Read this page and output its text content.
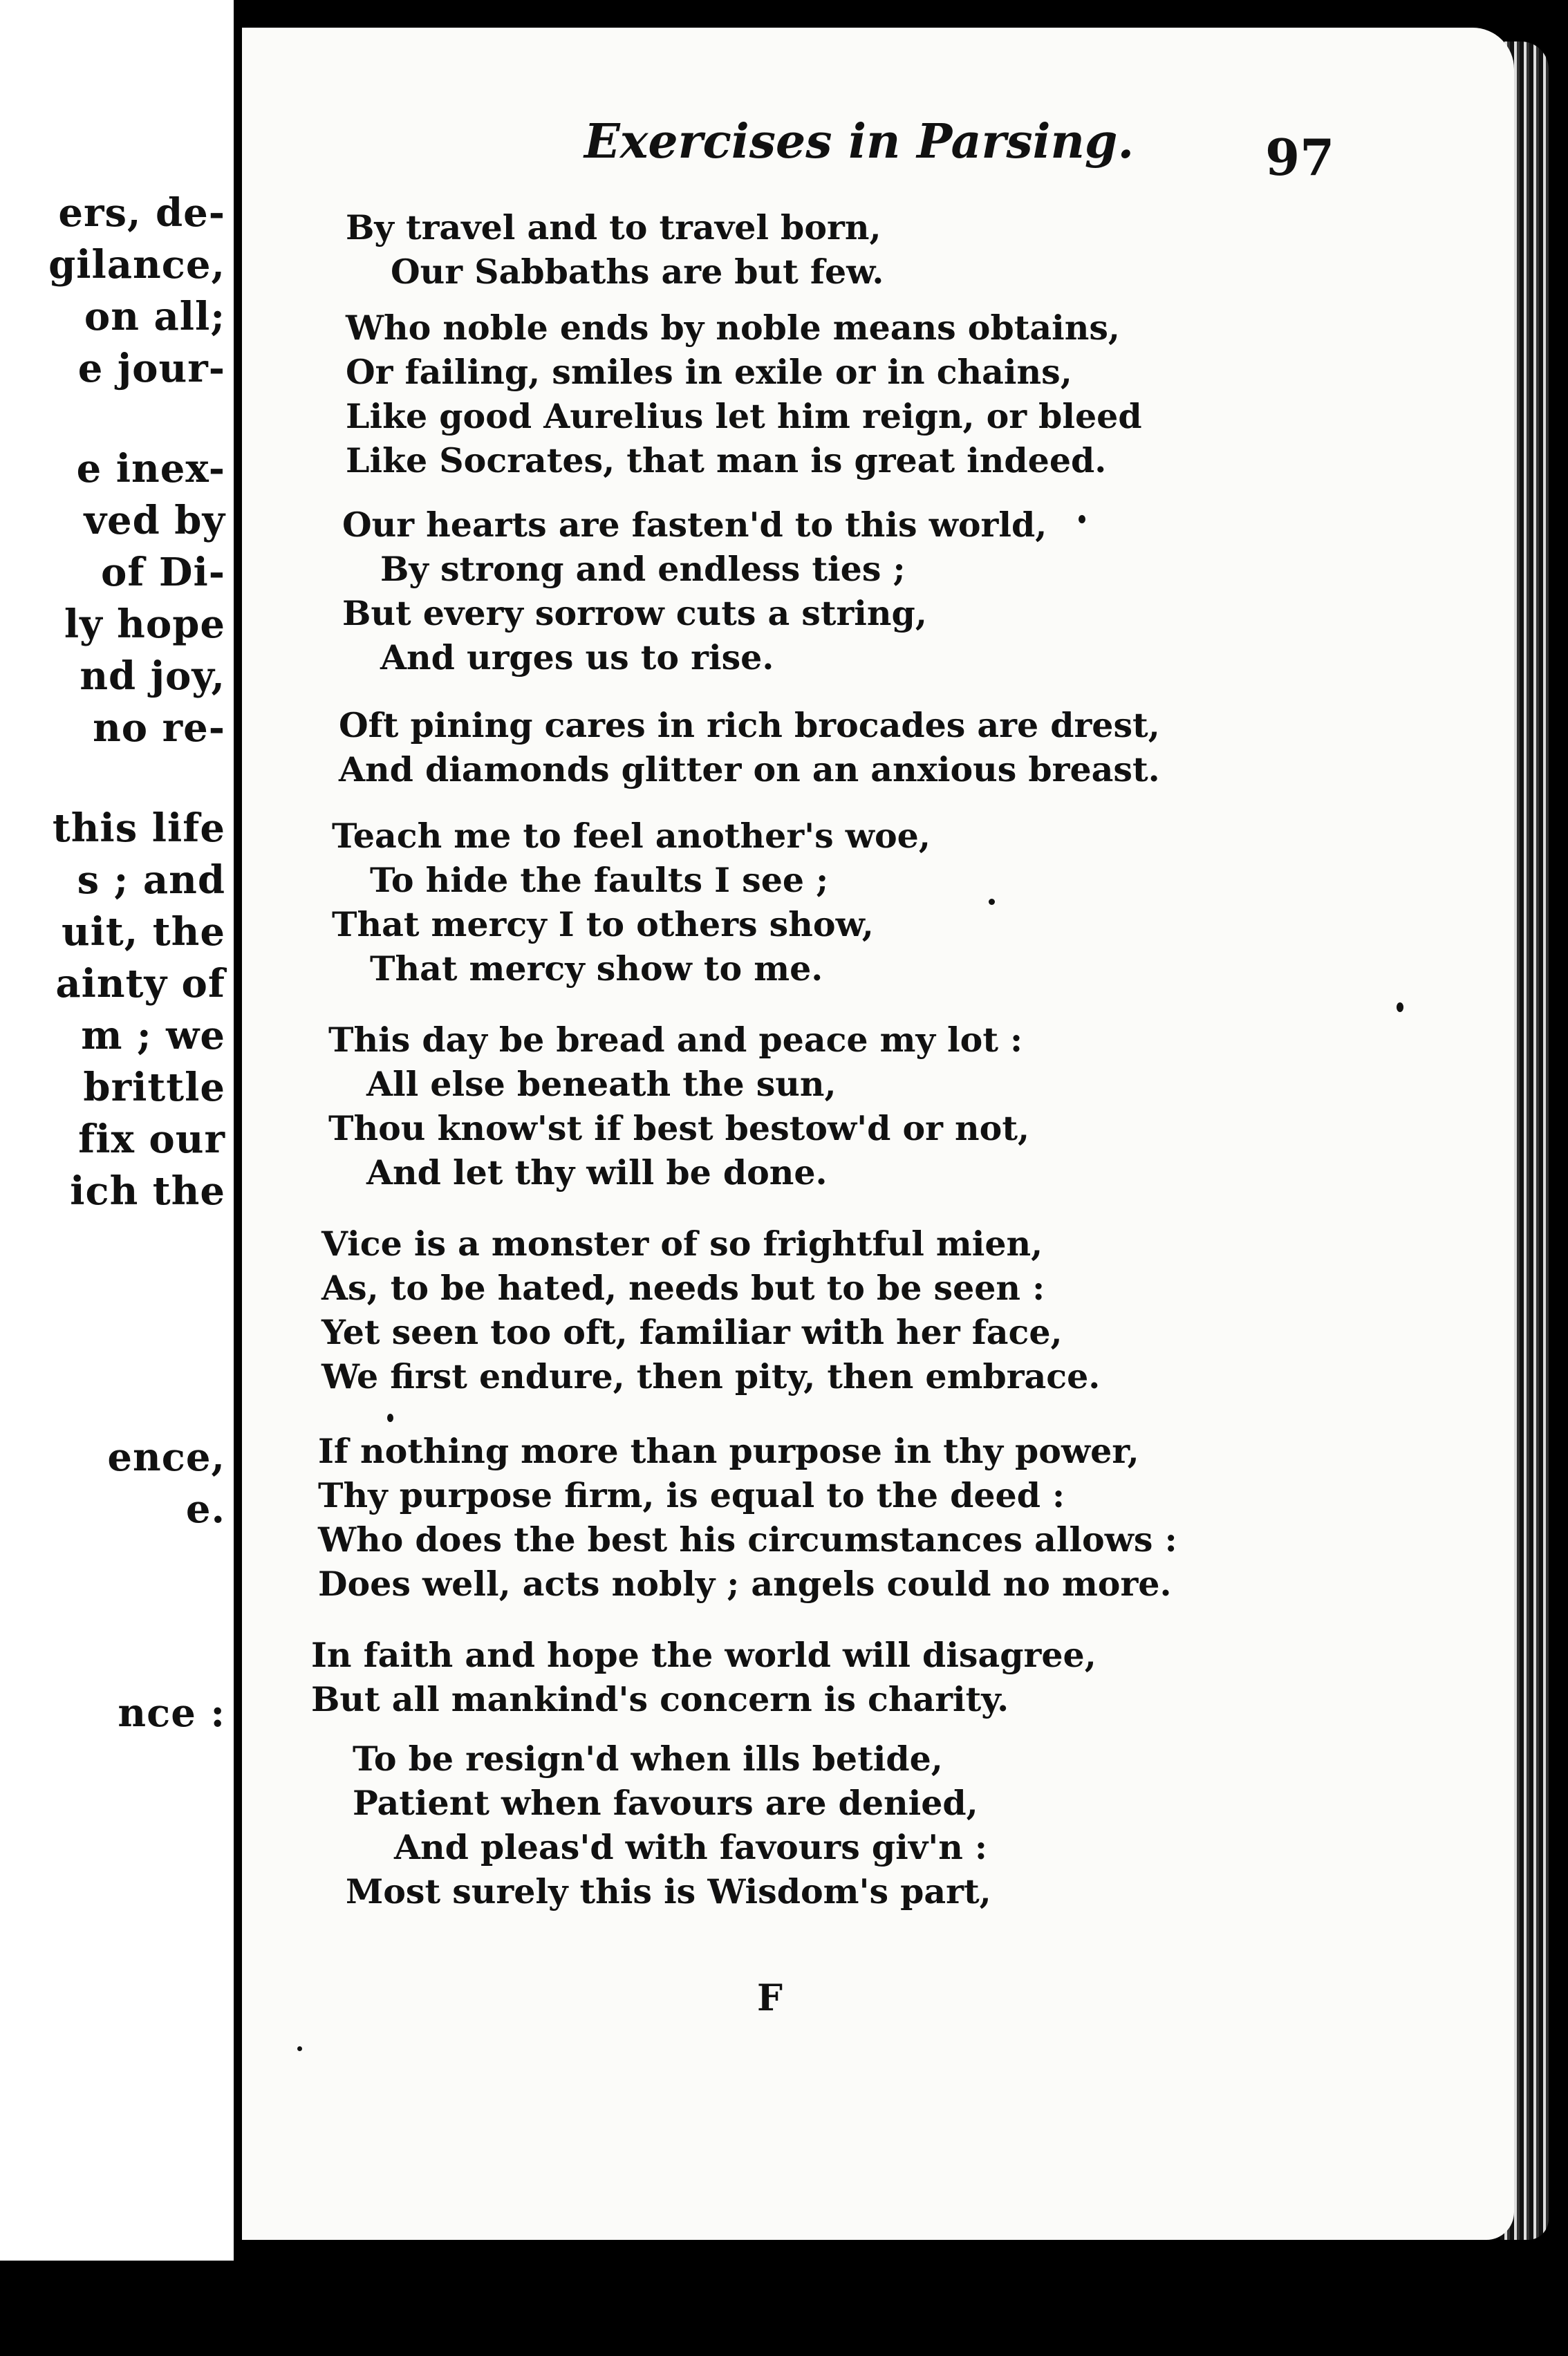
ers, de-
gilance,
on all;
e jour-
e inex-
ved by
of Di-
ly hope
nd joy,
no re-
this life
s ; and
uit, the
ainty of
m ; we
brittle
fix our
ich the
ence,
e.
nce :
Exercises in Parsing.	97
By travel and to travel born,
Our Sabbaths are but few.
Who noble ends by noble means obtains,
Or failing, smiles in exile or in chains,
Like good Aurelius let him reign, or bleed
Like Socrates, that man is great indeed.
Our hearts are fasten'd to this world,
By strong and endless ties ;
But every sorrow cuts a string,
And urges us to rise.
Oft pining cares in rich brocades are drest,
And diamonds glitter on an anxious breast.
Teach me to feel another's woe,
To hide the faults I see ;
That mercy I to others show,
That mercy show to me.
This day be bread and peace my lot :
All else beneath the sun,
Thou know'st if best bestow'd or not,
And let thy will be done.
Vice is a monster of so frightful mien,
As, to be hated, needs but to be seen :
Yet seen too oft, familiar with her face,
We first endure, then pity, then embrace.
If nothing more than purpose in thy power,
Thy purpose firm, is equal to the deed :
Who does the best his circumstances allows :
Does well, acts nobly ; angels could no more.
In faith and hope the world will disagree,
But all mankind's concern is charity.
To be resign'd when ills betide,
Patient when favours are denied,
And pleas'd with favours giv'n :
Most surely this is Wisdom's part,
F
